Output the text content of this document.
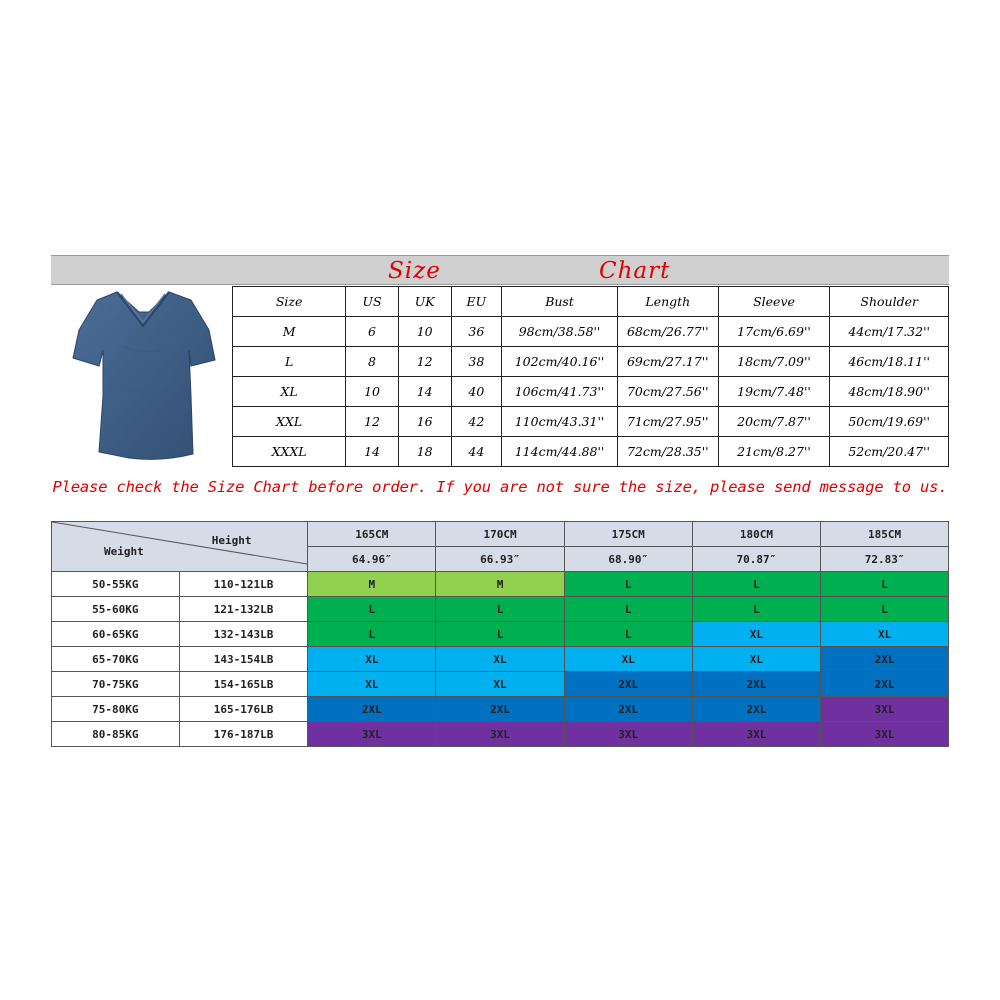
Size	Chart
Size	US	UK	EU	Bust	Length	Sleeve	Shoulder
M	6	10	36	98cm/38.58''	68cm/26.77''	17cm/6.69''	44cm/17.32''
L	8	12	38	102cm/40.16''	69cm/27.17''	18cm/7.09''	46cm/18.11''
XL	10	14	40	106cm/41.73''	70cm/27.56''	19cm/7.48''	48cm/18.90''
XXL	12	16	42	110cm/43.31''	71cm/27.95''	20cm/7.87''	50cm/19.69''
XXXL	14	18	44	114cm/44.88''	72cm/28.35''	21cm/8.27''	52cm/20.47''
Please check the Size Chart before order. If you are not sure the size, please send message to us.
Height
Weight		165CM	170CM	175CM	180CM	185CM
		64.96″	66.93″	68.90″	70.87″	72.83″
50-55KG	110-121LB	M	M	L	L	L
55-60KG	121-132LB	L	L	L	L	L
60-65KG	132-143LB	L	L	L	XL	XL
65-70KG	143-154LB	XL	XL	XL	XL	2XL
70-75KG	154-165LB	XL	XL	2XL	2XL	2XL
75-80KG	165-176LB	2XL	2XL	2XL	2XL	3XL
80-85KG	176-187LB	3XL	3XL	3XL	3XL	3XL
